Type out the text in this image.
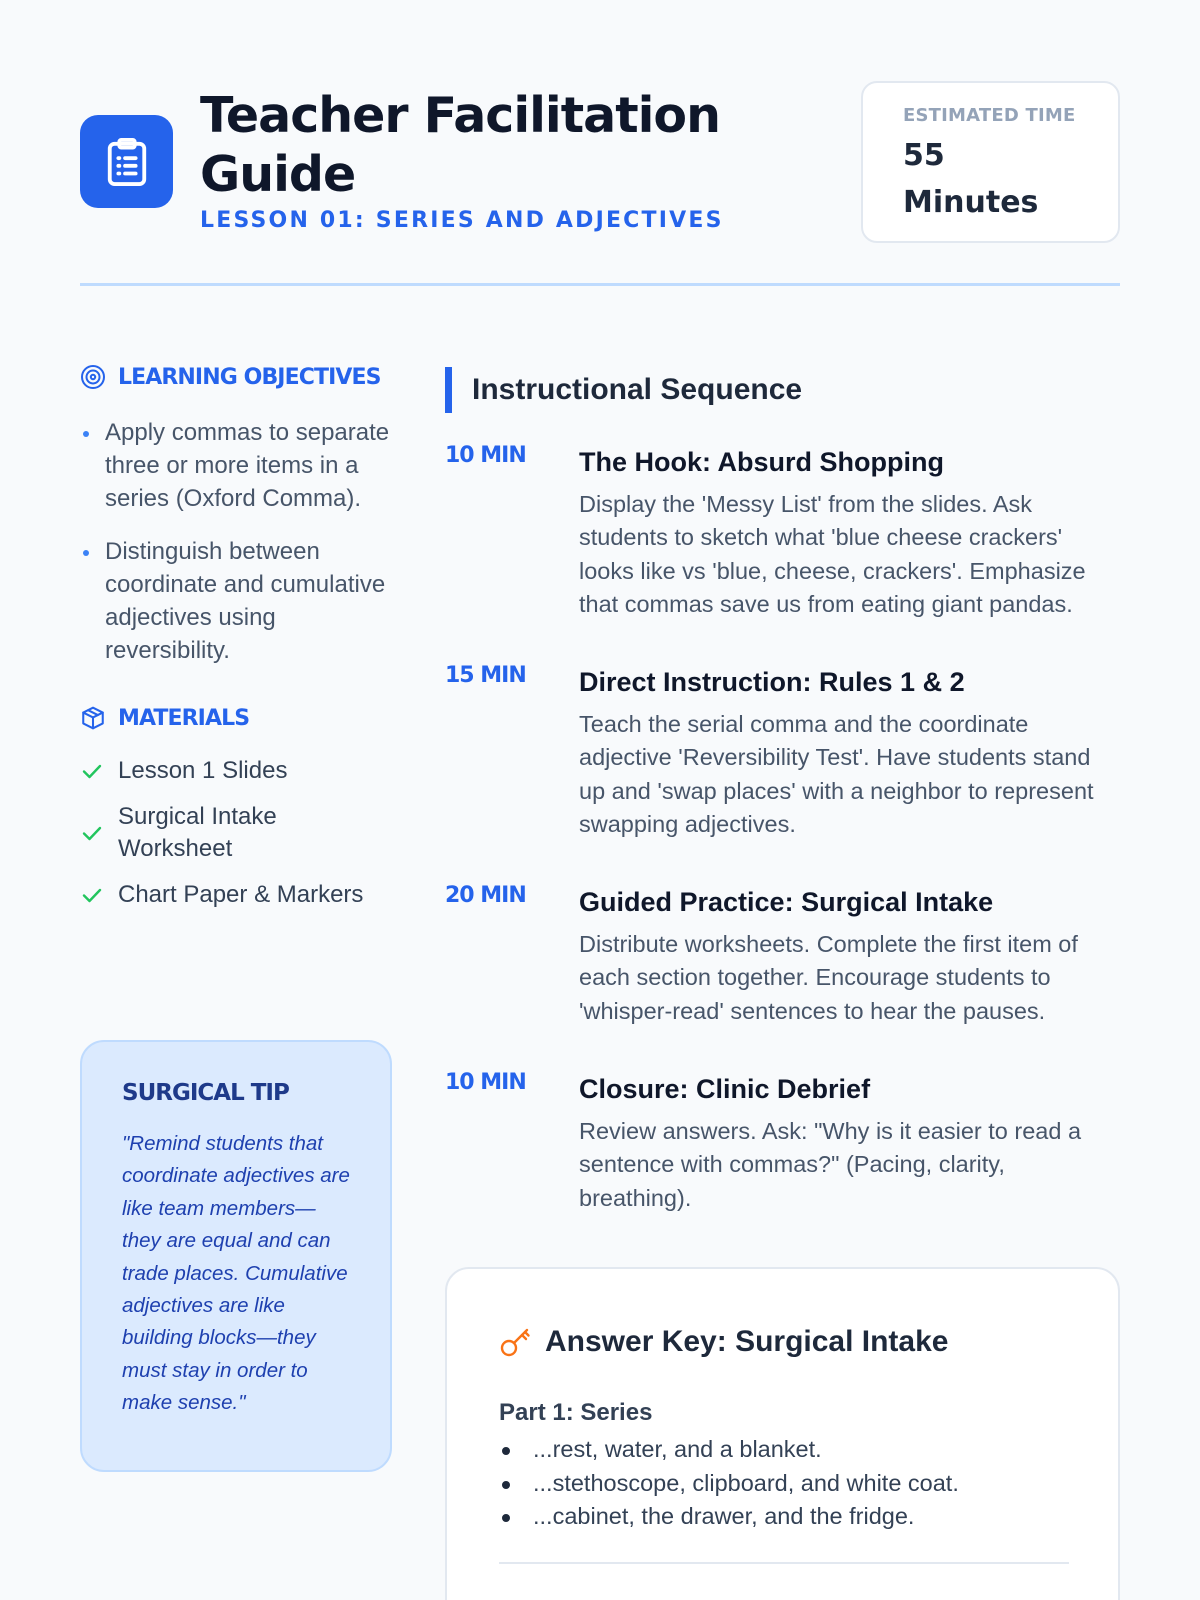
Teacher Facilitation Guide
LESSON 01: SERIES AND ADJECTIVES
ESTIMATED TIME
55 Minutes
LEARNING OBJECTIVES
Apply commas to separate three or more items in a series (Oxford Comma).
Distinguish between coordinate and cumulative adjectives using reversibility.
MATERIALS
Lesson 1 Slides
Surgical Intake Worksheet
Chart Paper & Markers
SURGICAL TIP
"Remind students that coordinate adjectives are like team members—they are equal and can trade places. Cumulative adjectives are like building blocks—they must stay in order to make sense."
Instructional Sequence
10 MIN The Hook: Absurd Shopping
Display the 'Messy List' from the slides. Ask students to sketch what 'blue cheese crackers' looks like vs 'blue, cheese, crackers'. Emphasize that commas save us from eating giant pandas.
15 MIN Direct Instruction: Rules 1 & 2
Teach the serial comma and the coordinate adjective 'Reversibility Test'. Have students stand up and 'swap places' with a neighbor to represent swapping adjectives.
20 MIN Guided Practice: Surgical Intake
Distribute worksheets. Complete the first item of each section together. Encourage students to 'whisper-read' sentences to hear the pauses.
10 MIN Closure: Clinic Debrief
Review answers. Ask: "Why is it easier to read a sentence with commas?" (Pacing, clarity, breathing).
Answer Key: Surgical Intake
Part 1: Series
...rest, water, and a blanket.
...stethoscope, clipboard, and white coat.
...cabinet, the drawer, and the fridge.
